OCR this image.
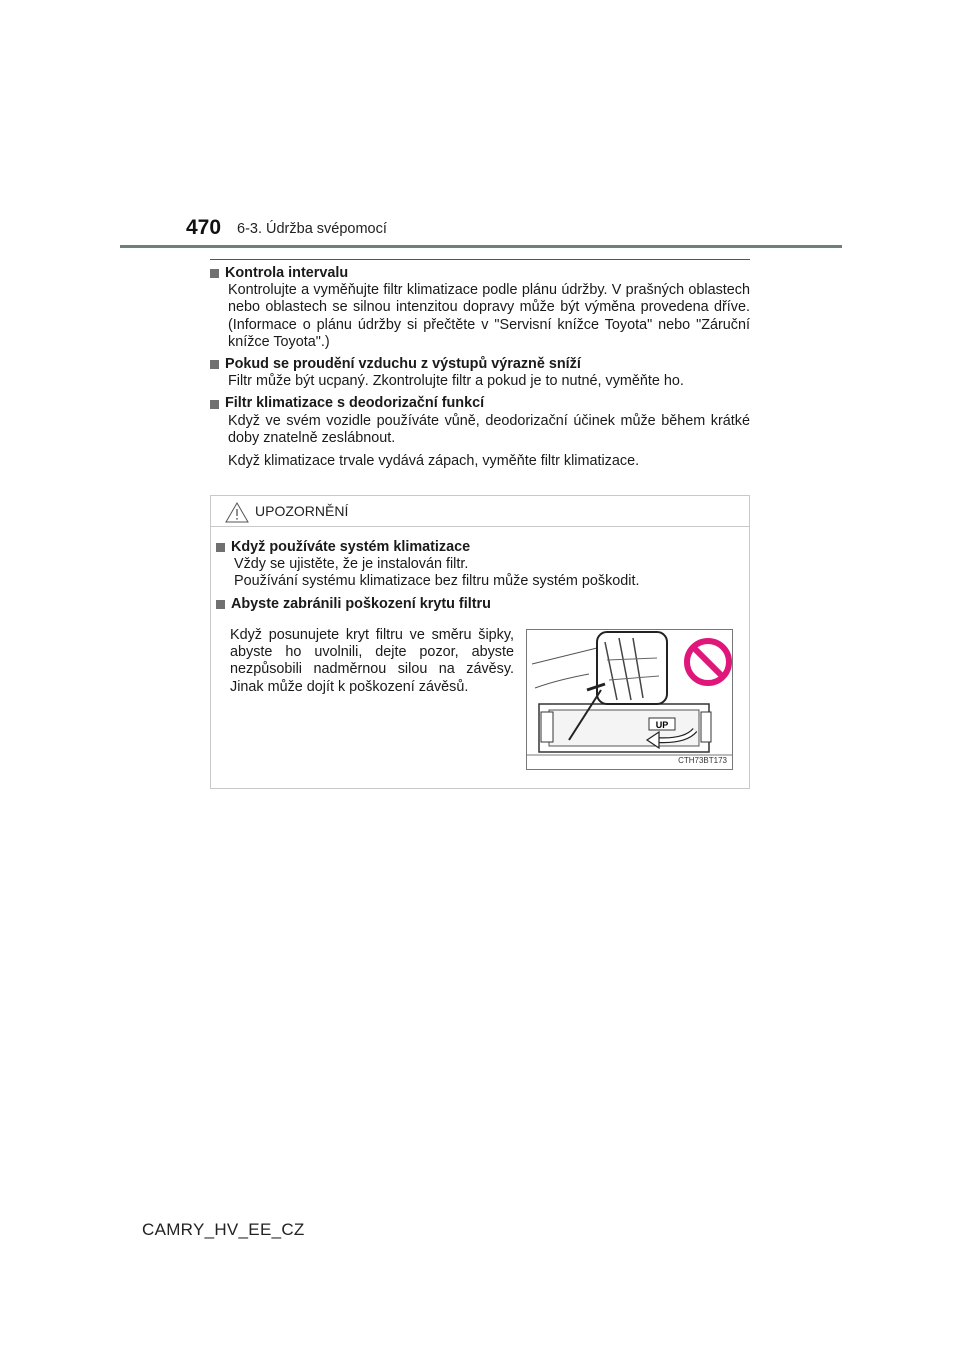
470 6-3. Údržba svépomocí
Kontrola intervalu
Kontrolujte a vyměňujte filtr klimatizace podle plánu údržby. V prašných oblastech nebo oblastech se silnou intenzitou dopravy může být výměna provedena dříve. (Informace o plánu údržby si přečtěte v "Servisní knížce Toyota" nebo "Záruční knížce Toyota".)
Pokud se proudění vzduchu z výstupů výrazně sníží
Filtr může být ucpaný. Zkontrolujte filtr a pokud je to nutné, vyměňte ho.
Filtr klimatizace s deodorizační funkcí
Když ve svém vozidle používáte vůně, deodorizační účinek může během krátké doby znatelně zeslábnout.
Když klimatizace trvale vydává zápach, vyměňte filtr klimatizace.
UPOZORNĚNÍ
Když používáte systém klimatizace
Vždy se ujistěte, že je instalován filtr.
Používání systému klimatizace bez filtru může systém poškodit.
Abyste zabránili poškození krytu filtru
Když posunujete kryt filtru ve směru šipky, abyste ho uvolnili, dejte pozor, abyste nezpůsobili nadměrnou silou na závěsy. Jinak může dojít k poškození závěsů.
UP
CTH73BT173
CAMRY_HV_EE_CZ
